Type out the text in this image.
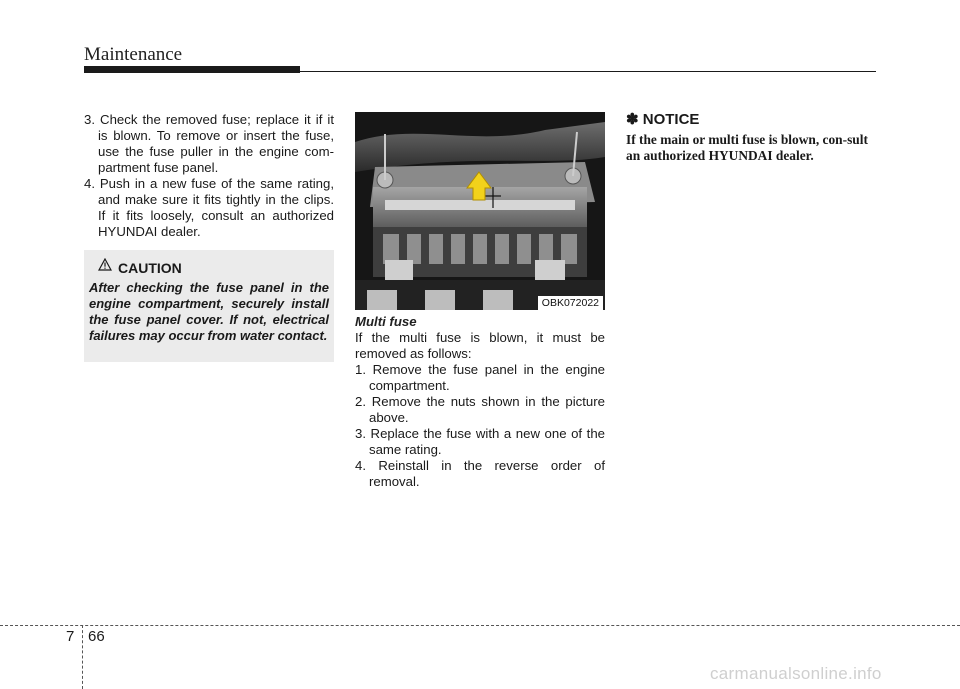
Maintenance

3. Check the removed fuse; replace it if it is blown. To remove or insert the fuse, use the fuse puller in the engine com-partment fuse panel.

4. Push in a new fuse of the same rating, and make sure it fits tightly in the clips. If it fits loosely, consult an authorized HYUNDAI dealer.

CAUTION
After checking the fuse panel in the engine compartment, securely install the fuse panel cover. If not, electrical failures may occur from water contact.
OBK072022

Multi fuse

If the multi fuse is blown, it must be removed as follows:

1. Remove the fuse panel in the engine compartment.

2. Remove the nuts shown in the picture above.

3. Replace the fuse with a new one of the same rating.

4. Reinstall in the reverse order of removal.

✽ NOTICE

If the main or multi fuse is blown, con-sult an authorized HYUNDAI dealer.

7 66
carmanualsonline.info
